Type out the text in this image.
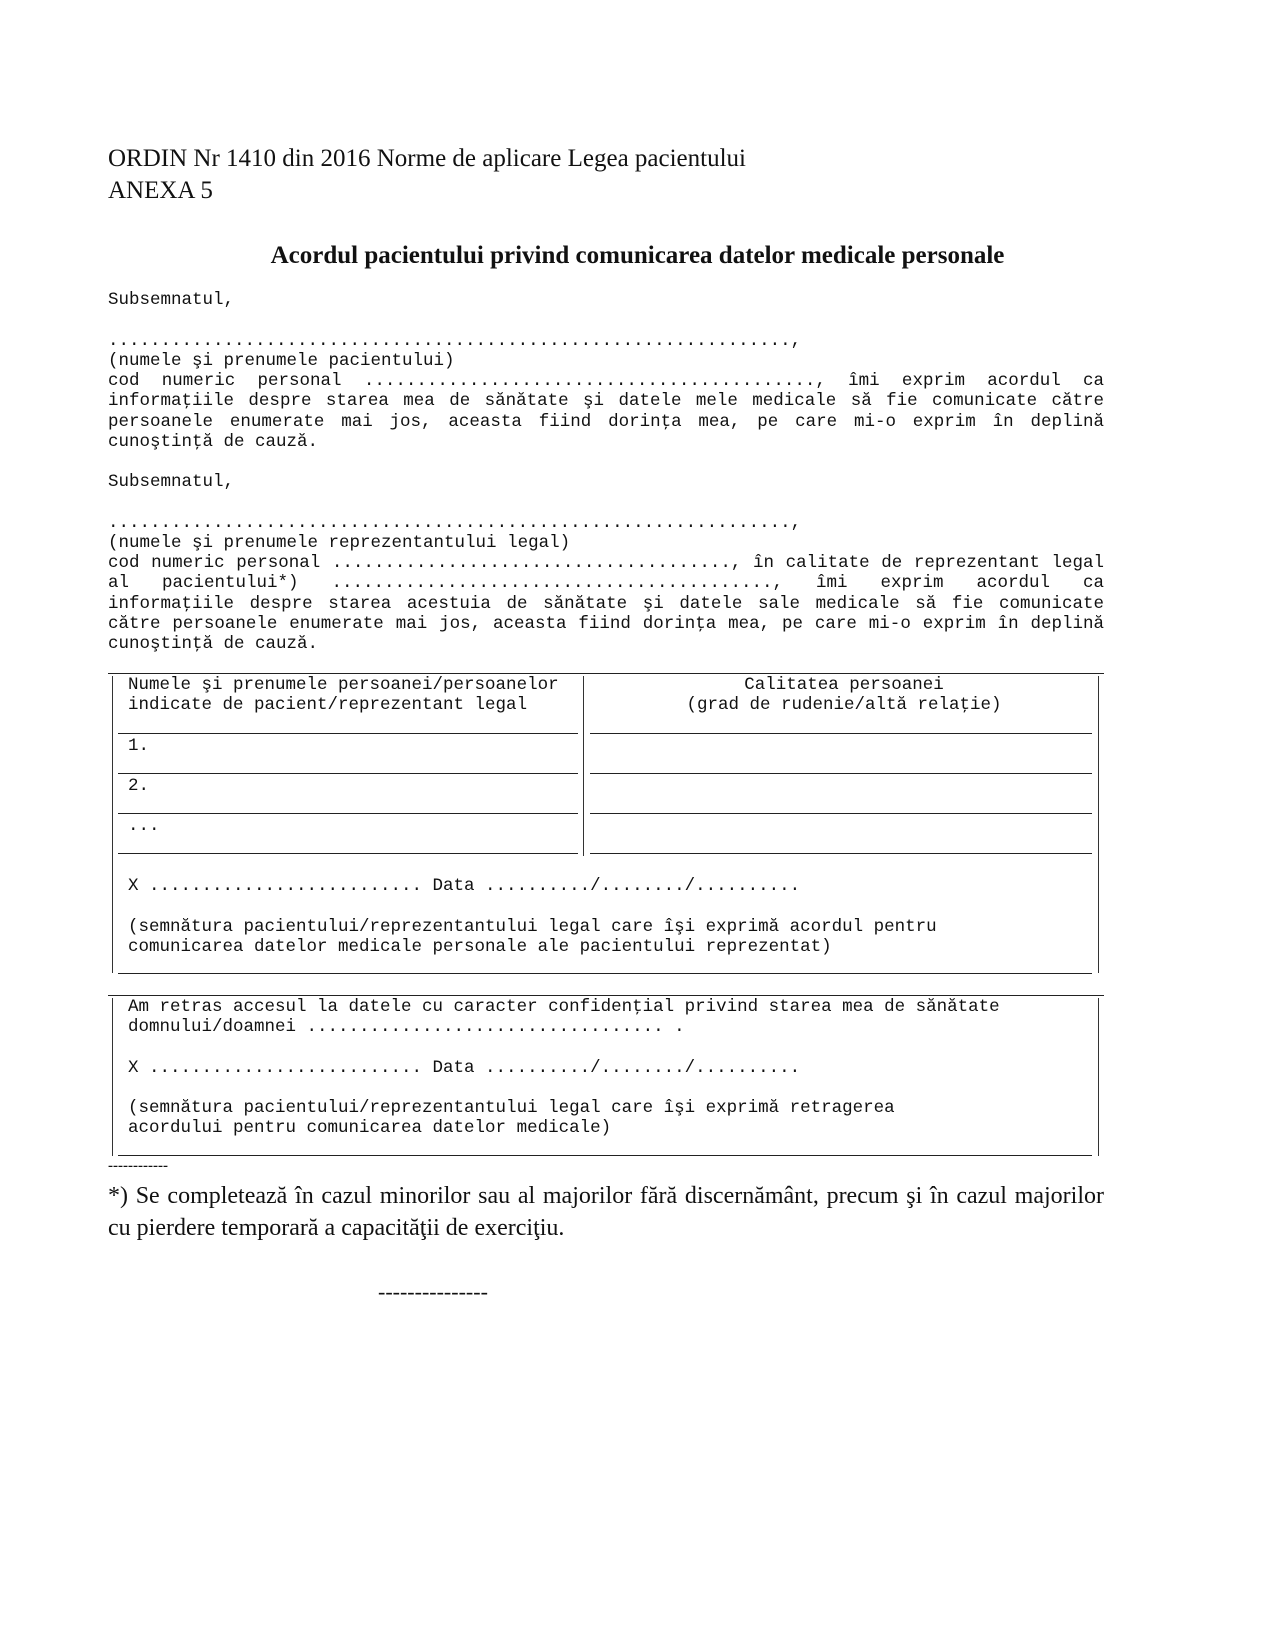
ORDIN Nr 1410 din 2016 Norme de aplicare Legea pacientului
ANEXA 5
Acordul pacientului privind comunicarea datelor medicale personale
Subsemnatul,
.................................................................,
(numele şi prenumele pacientului)
cod numeric personal ..........................................., îmi exprim acordul ca informaţiile despre starea mea de sănătate şi datele mele medicale să fie comunicate către persoanele enumerate mai jos, aceasta fiind dorinţa mea, pe care mi-o exprim în deplină cunoştinţă de cauză.
Subsemnatul,
.................................................................,
(numele şi prenumele reprezentantului legal)
cod numeric personal ......................................, în calitate de reprezentant legal al pacientului*) .........................................., îmi exprim acordul ca informaţiile despre starea acestuia de sănătate şi datele sale medicale să fie comunicate către persoanele enumerate mai jos, aceasta fiind dorinţa mea, pe care mi-o exprim în deplină cunoştinţă de cauză.
Numele şi prenumele persoanei/persoanelor
indicate de pacient/reprezentant legal
Calitatea persoanei
(grad de rudenie/altă relaţie)
1.
2.
...
X .......................... Data ........../......../..........
(semnătura pacientului/reprezentantului legal care îşi exprimă acordul pentru
comunicarea datelor medicale personale ale pacientului reprezentat)
Am retras accesul la datele cu caracter confidenţial privind starea mea de sănătate
domnului/doamnei .................................. .
X .......................... Data ........../......../..........
(semnătura pacientului/reprezentantului legal care îşi exprimă retragerea
acordului pentru comunicarea datelor medicale)
------------
*) Se completează în cazul minorilor sau al majorilor fără discernământ, precum şi în cazul majorilor cu pierdere temporară a capacităţii de exerciţiu.
---------------
